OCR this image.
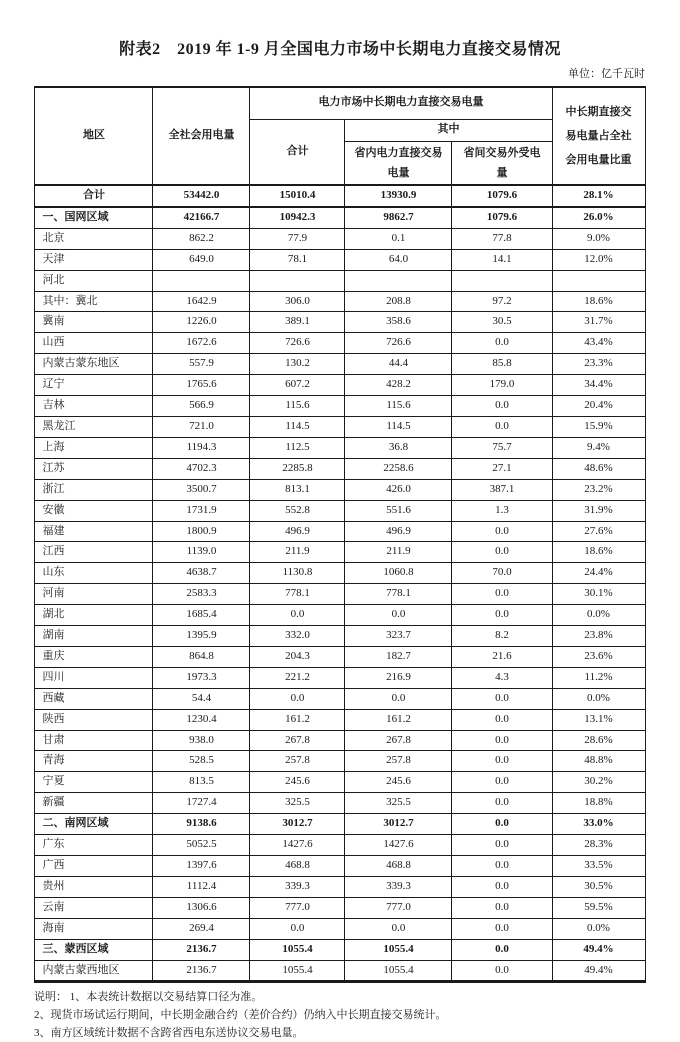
附表2　2019 年 1-9 月全国电力市场中长期电力直接交易情况
单位：亿千瓦时
地区	全社会用电量	电力市场中长期电力直接交易电量			中长期直接交易电量占全社会用电量比重
		合计	其中		
			省内电力直接交易电量	省间交易外受电量	
合计	53442.0	15010.4	13930.9	1079.6	28.1%
一、国网区域	42166.7	10942.3	9862.7	1079.6	26.0%
北京	862.2	77.9	0.1	77.8	9.0%
天津	649.0	78.1	64.0	14.1	12.0%
河北					
其中：冀北	1642.9	306.0	208.8	97.2	18.6%
冀南	1226.0	389.1	358.6	30.5	31.7%
山西	1672.6	726.6	726.6	0.0	43.4%
内蒙古蒙东地区	557.9	130.2	44.4	85.8	23.3%
辽宁	1765.6	607.2	428.2	179.0	34.4%
吉林	566.9	115.6	115.6	0.0	20.4%
黑龙江	721.0	114.5	114.5	0.0	15.9%
上海	1194.3	112.5	36.8	75.7	9.4%
江苏	4702.3	2285.8	2258.6	27.1	48.6%
浙江	3500.7	813.1	426.0	387.1	23.2%
安徽	1731.9	552.8	551.6	1.3	31.9%
福建	1800.9	496.9	496.9	0.0	27.6%
江西	1139.0	211.9	211.9	0.0	18.6%
山东	4638.7	1130.8	1060.8	70.0	24.4%
河南	2583.3	778.1	778.1	0.0	30.1%
湖北	1685.4	0.0	0.0	0.0	0.0%
湖南	1395.9	332.0	323.7	8.2	23.8%
重庆	864.8	204.3	182.7	21.6	23.6%
四川	1973.3	221.2	216.9	4.3	11.2%
西藏	54.4	0.0	0.0	0.0	0.0%
陕西	1230.4	161.2	161.2	0.0	13.1%
甘肃	938.0	267.8	267.8	0.0	28.6%
青海	528.5	257.8	257.8	0.0	48.8%
宁夏	813.5	245.6	245.6	0.0	30.2%
新疆	1727.4	325.5	325.5	0.0	18.8%
二、南网区域	9138.6	3012.7	3012.7	0.0	33.0%
广东	5052.5	1427.6	1427.6	0.0	28.3%
广西	1397.6	468.8	468.8	0.0	33.5%
贵州	1112.4	339.3	339.3	0.0	30.5%
云南	1306.6	777.0	777.0	0.0	59.5%
海南	269.4	0.0	0.0	0.0	0.0%
三、蒙西区域	2136.7	1055.4	1055.4	0.0	49.4%
内蒙古蒙西地区	2136.7	1055.4	1055.4	0.0	49.4%
说明： 1、本表统计数据以交易结算口径为准。
2、现货市场试运行期间，中长期金融合约（差价合约）仍纳入中长期直接交易统计。
3、南方区域统计数据不含跨省西电东送协议交易电量。
